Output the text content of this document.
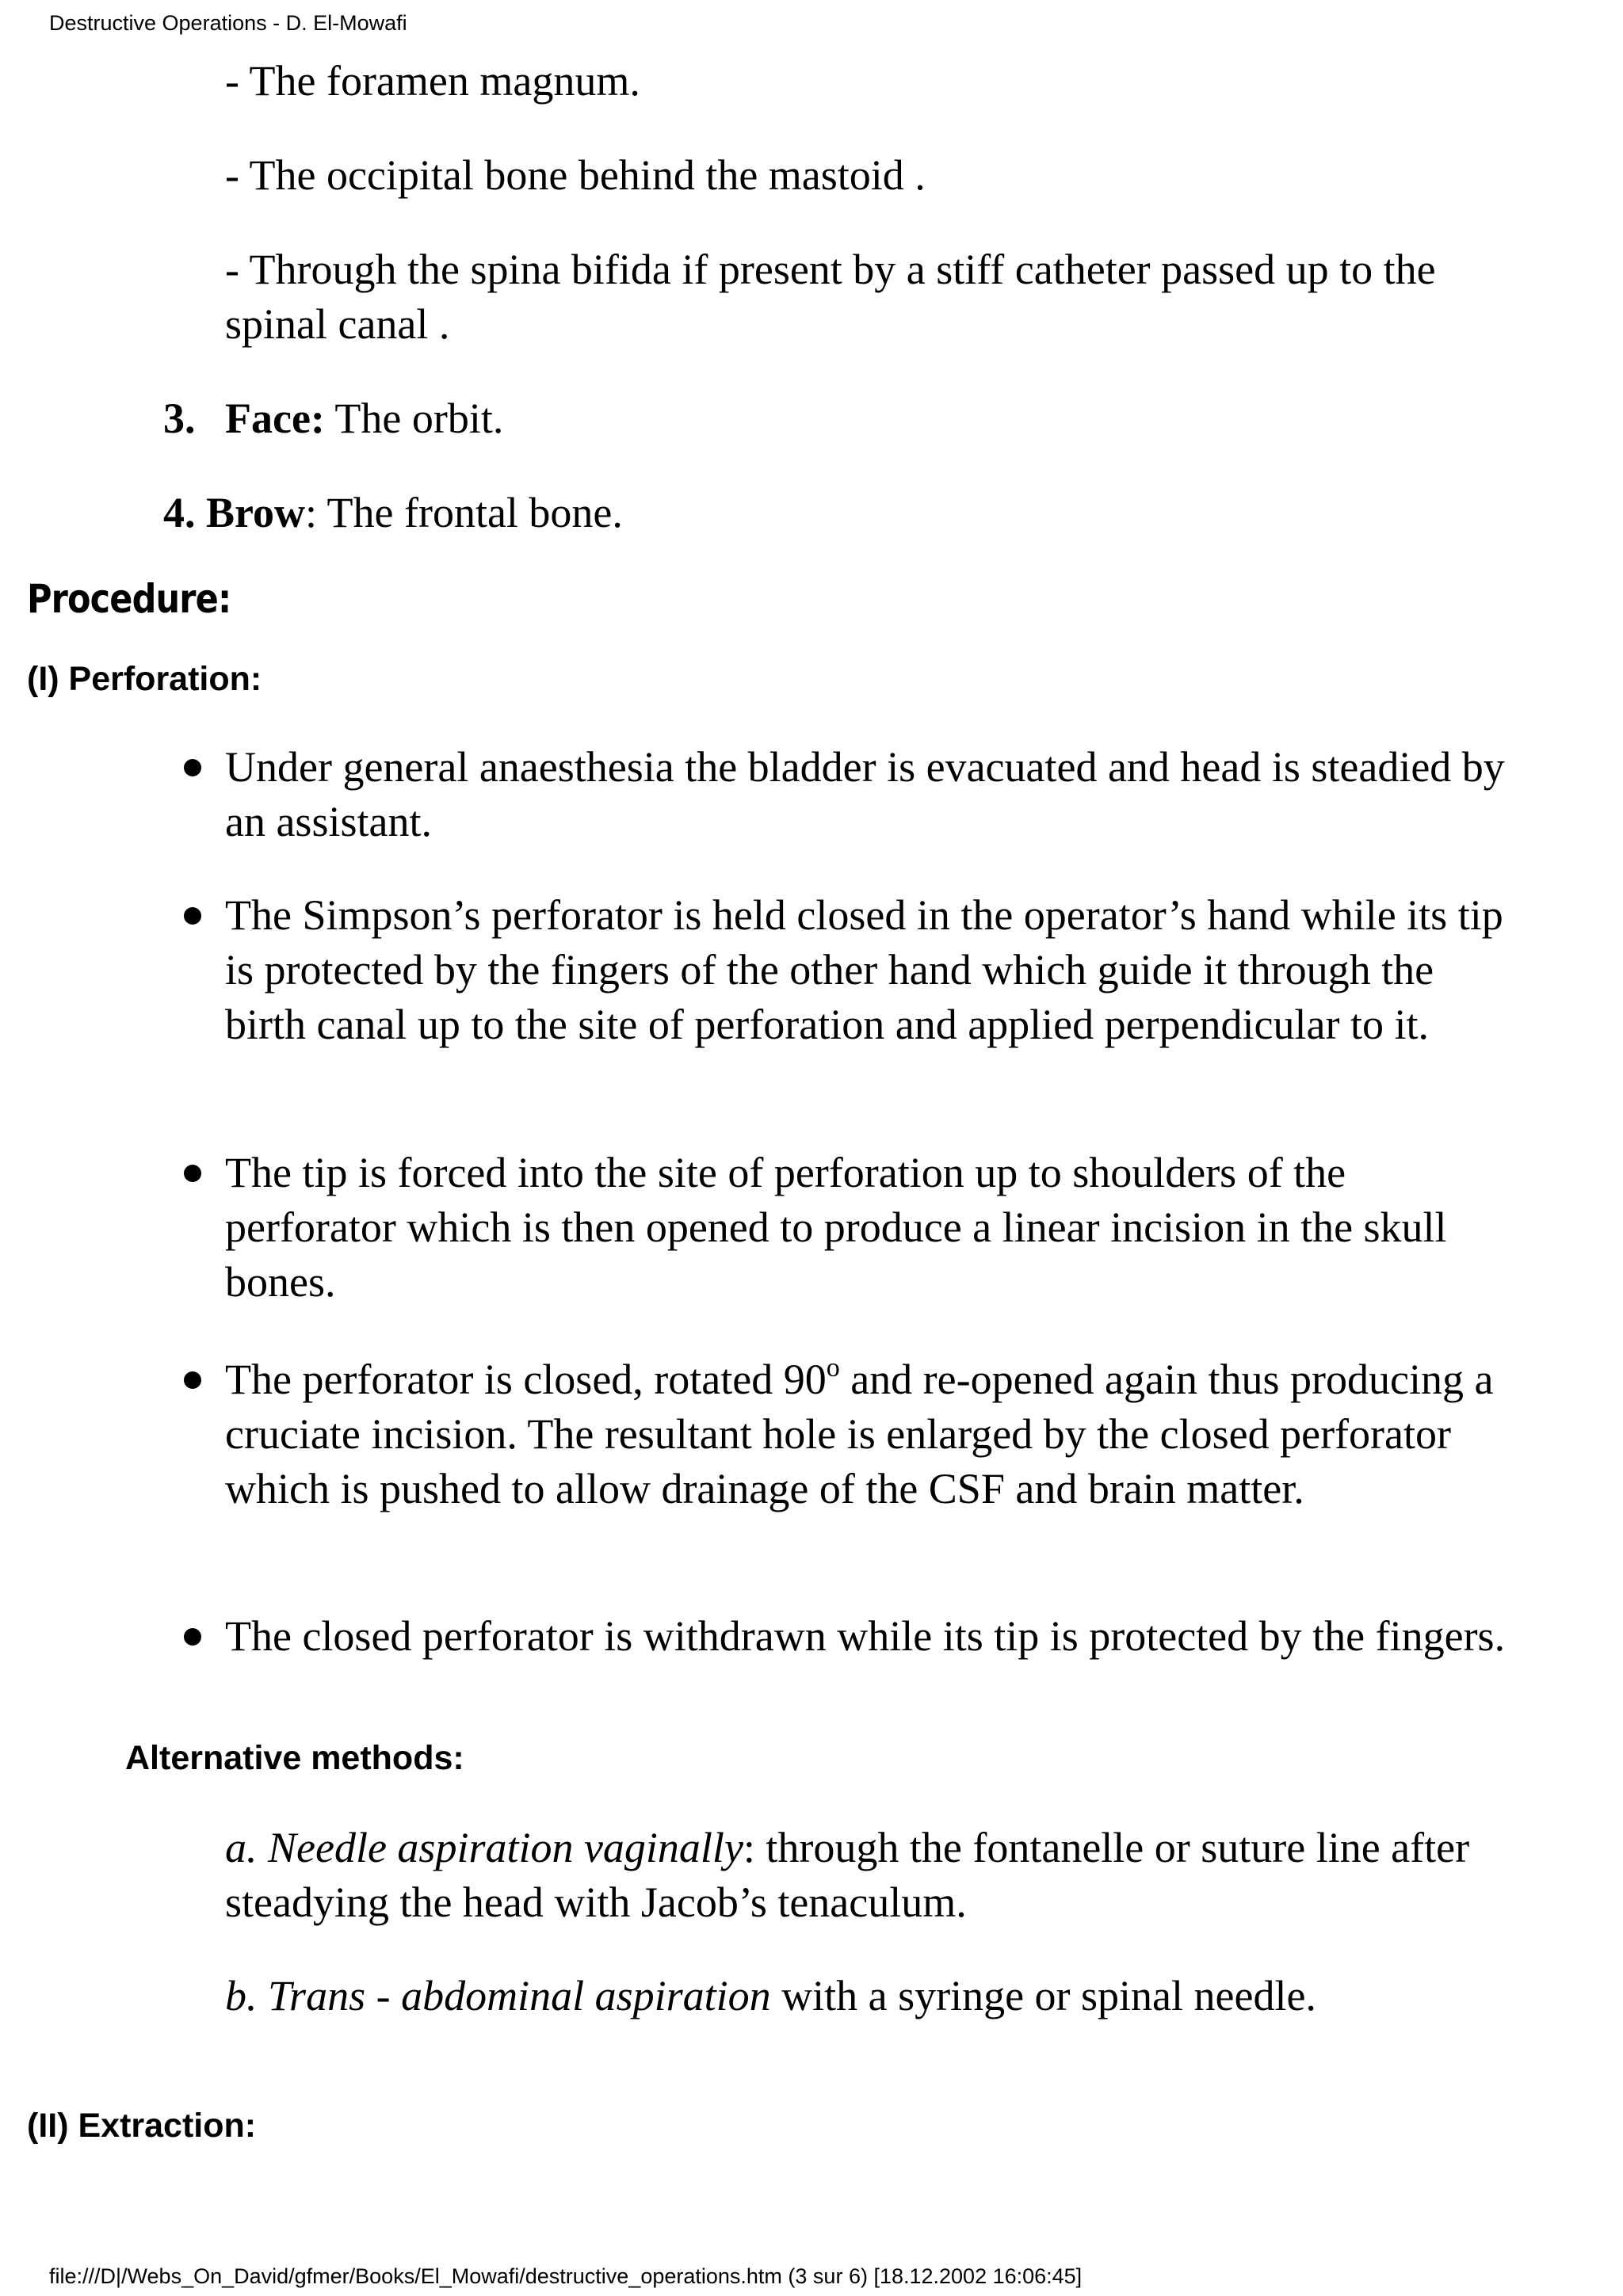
Destructive Operations - D. El-Mowafi
- The foramen magnum.
- The occipital bone behind the mastoid .
- Through the spina bifida if present by a stiff catheter passed up to the spinal canal .
3. Face: The orbit.
4. Brow: The frontal bone.
Procedure:
(I) Perforation:
Under general anaesthesia the bladder is evacuated and head is steadied by an assistant.
The Simpson’s perforator is held closed in the operator’s hand while its tip is protected by the fingers of the other hand which guide it through the birth canal up to the site of perforation and applied perpendicular to it.
The tip is forced into the site of perforation up to shoulders of the perforator which is then opened to produce a linear incision in the skull bones.
The perforator is closed, rotated 90$^o$ and re-opened again thus producing a cruciate incision. The resultant hole is enlarged by the closed perforator which is pushed to allow drainage of the CSF and brain matter.
The closed perforator is withdrawn while its tip is protected by the fingers.
Alternative methods:
a. Needle aspiration vaginally: through the fontanelle or suture line after steadying the head with Jacob’s tenaculum.
b. Trans - abdominal aspiration with a syringe or spinal needle.
(II) Extraction:
file:///D|/Webs_On_David/gfmer/Books/El_Mowafi/destructive_operations.htm (3 sur 6) [18.12.2002 16:06:45]
